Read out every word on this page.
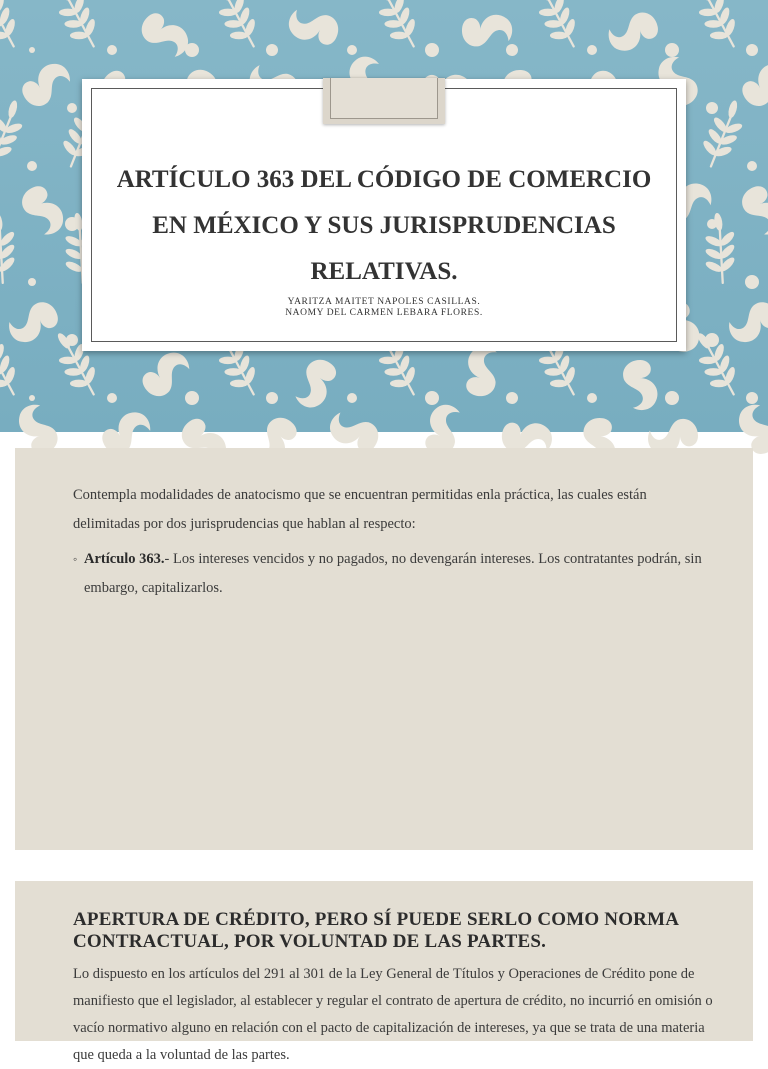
ARTÍCULO 363 DEL CÓDIGO DE COMERCIO EN MÉXICO Y SUS JURISPRUDENCIAS RELATIVAS.
YARITZA MAITET NAPOLES CASILLAS.
NAOMY DEL CARMEN LEBARA FLORES.
Contempla modalidades de anatocismo que se encuentran permitidas enla práctica, las cuales están delimitadas por dos jurisprudencias que hablan al respecto:
◦ Artículo 363.- Los intereses vencidos y no pagados, no devengarán intereses. Los contratantes podrán, sin embargo, capitalizarlos.
APERTURA DE CRÉDITO, PERO SÍ PUEDE SERLO COMO NORMA CONTRACTUAL, POR VOLUNTAD DE LAS PARTES.
Lo dispuesto en los artículos del 291 al 301 de la Ley General de Títulos y Operaciones de Crédito pone de manifiesto que el legislador, al establecer y regular el contrato de apertura de crédito, no incurrió en omisión o vacío normativo alguno en relación con el pacto de capitalización de intereses, ya que se trata de una materia que queda a la voluntad de las partes.
